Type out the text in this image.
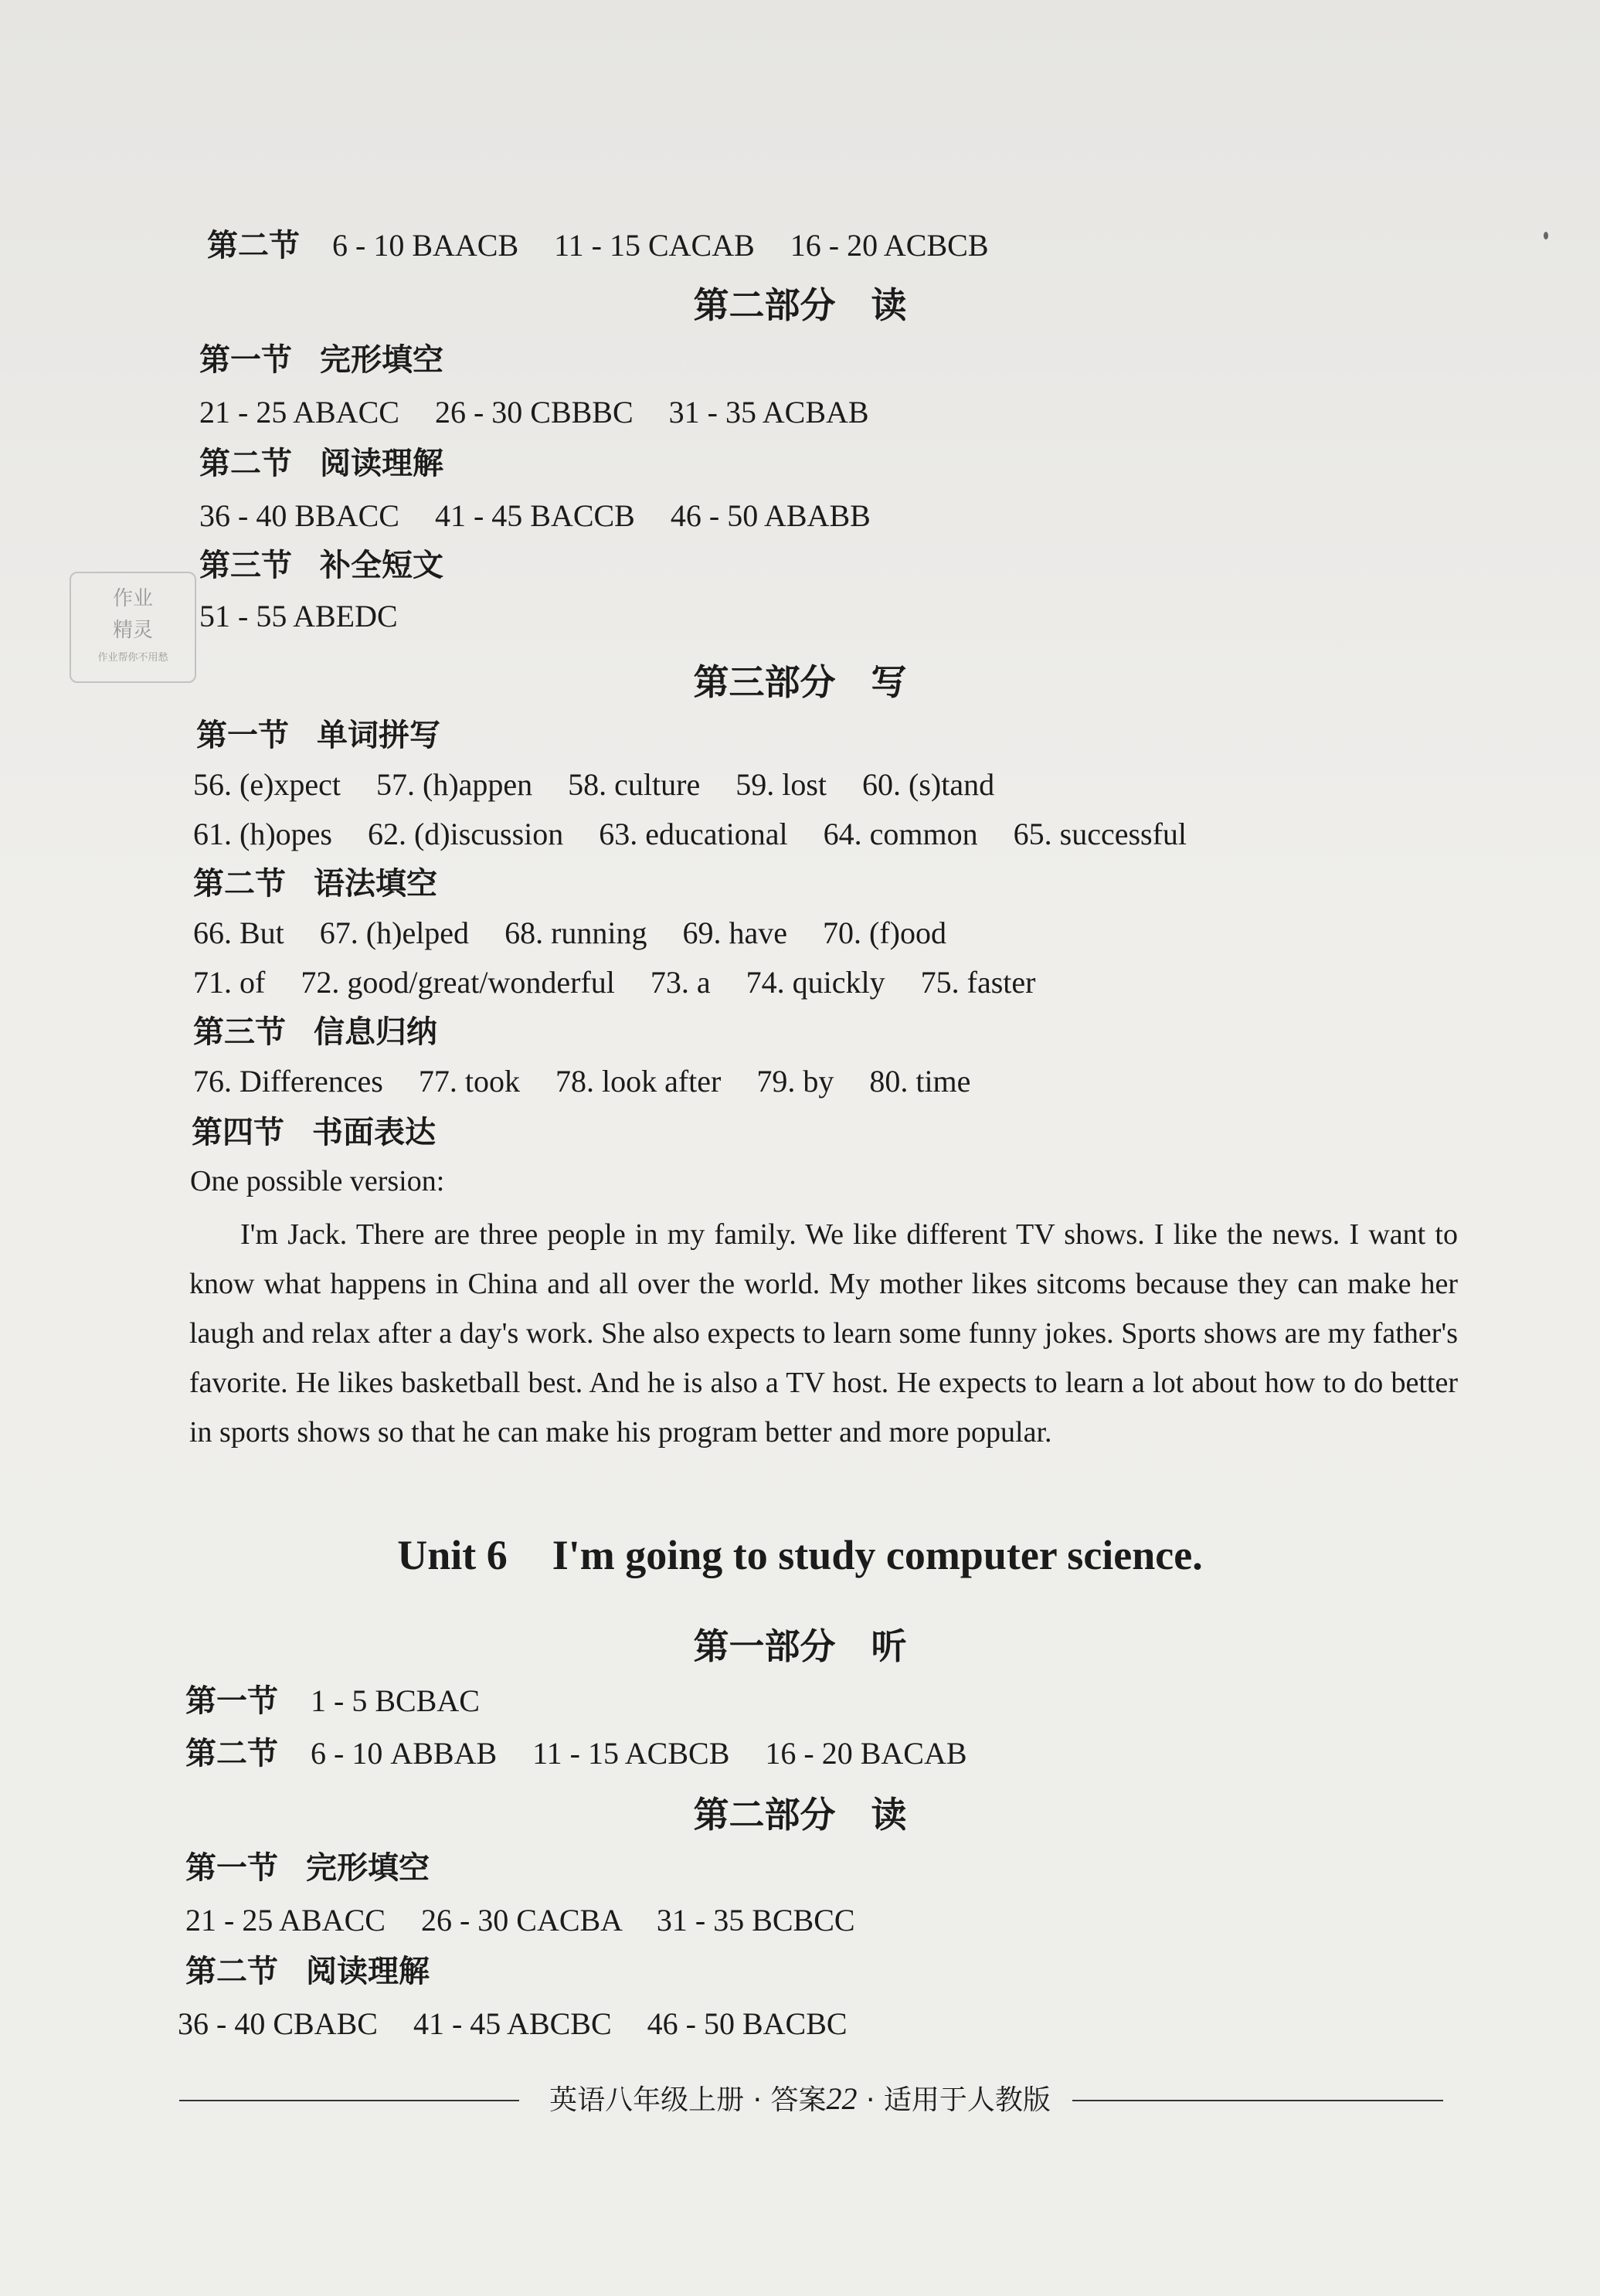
第二节 6 - 10 BAACB 11 - 15 CACAB 16 - 20 ACBCB
第二部分　读
第一节 完形填空
21 - 25 ABACC 26 - 30 CBBBC 31 - 35 ACBAB
第二节 阅读理解
36 - 40 BBACC 41 - 45 BACCB 46 - 50 ABABB
第三节 补全短文
51 - 55 ABEDC
作业
精灵
作业帮你不用愁
第三部分　写
第一节 单词拼写
56. (e)xpect 57. (h)appen 58. culture 59. lost 60. (s)tand
61. (h)opes 62. (d)iscussion 63. educational 64. common 65. successful
第二节 语法填空
66. But 67. (h)elped 68. running 69. have 70. (f)ood
71. of 72. good/great/wonderful 73. a 74. quickly 75. faster
第三节 信息归纳
76. Differences 77. took 78. look after 79. by 80. time
第四节 书面表达
One possible version:
I'm Jack. There are three people in my family. We like different TV shows. I like the news. I want to know what happens in China and all over the world. My mother likes sitcoms because they can make her laugh and relax after a day's work. She also expects to learn some funny jokes. Sports shows are my father's favorite. He likes basketball best. And he is also a TV host. He expects to learn a lot about how to do better in sports shows so that he can make his program better and more popular.
Unit 6 I'm going to study computer science.
第一部分　听
第一节 1 - 5 BCBAC
第二节 6 - 10 ABBAB 11 - 15 ACBCB 16 - 20 BACAB
第二部分　读
第一节 完形填空
21 - 25 ABACC 26 - 30 CACBA 31 - 35 BCBCC
第二节 阅读理解
36 - 40 CBABC 41 - 45 ABCBC 46 - 50 BACBC
英语八年级上册 · 答案22 · 适用于人教版
